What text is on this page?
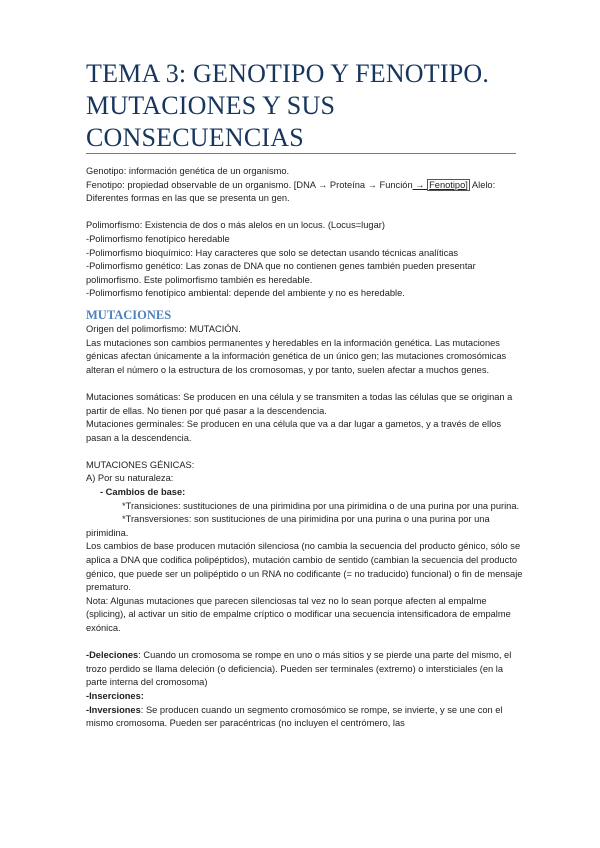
TEMA 3: GENOTIPO Y FENOTIPO.
MUTACIONES Y SUS
CONSECUENCIAS

Genotipo: información genética de un organismo.

Fenotipo: propiedad observable de un organismo. [DNA → Proteína → Función → Fenotipo] Alelo: Diferentes formas en las que se presenta un gen.

Polimorfismo: Existencia de dos o más alelos en un locus. (Locus=lugar)

-Polimorfismo fenotípico heredable

-Polimorfismo bioquímico: Hay caracteres que solo se detectan usando técnicas analíticas

-Polimorfismo genético: Las zonas de DNA que no contienen genes también pueden presentar polimorfismo. Este polimorfismo también es heredable.

-Polimorfismo fenotípico ambiental: depende del ambiente y no es heredable.

MUTACIONES

Origen del polimorfismo: MUTACIÓN.

Las mutaciones son cambios permanentes y heredables en la información genética. Las mutaciones génicas afectan únicamente a la información genética de un único gen; las mutaciones cromosómicas alteran el número o la estructura de los cromosomas, y por tanto, suelen afectar a muchos genes.

Mutaciones somáticas: Se producen en una célula y se transmiten a todas las células que se originan a partir de ellas. No tienen por qué pasar a la descendencia.

Mutaciones germinales: Se producen en una célula que va a dar lugar a gametos, y a través de ellos pasan a la descendencia.

MUTACIONES GÉNICAS:

A) Por su naturaleza:

- Cambios de base:

*Transiciones: sustituciones de una pirimidina por una pirimidina o de una purina por una purina.

*Transversiones: son sustituciones de una pirimidina por una purina o una purina por una pirimidina.

Los cambios de base producen mutación silenciosa (no cambia la secuencia del producto génico, sólo se aplica a DNA que codifica polipéptidos), mutación cambio de sentido (cambian la secuencia del producto génico, que puede ser un polipéptido o un RNA no codificante (= no traducido) funcional) o fin de mensaje prematuro.

Nota: Algunas mutaciones que parecen silenciosas tal vez no lo sean porque afecten al empalme (splicing), al activar un sitio de empalme críptico o modificar una secuencia intensificadora de empalme exónica.

-Deleciones: Cuando un cromosoma se rompe en uno o más sitios y se pierde una parte del mismo, el trozo perdido se llama deleción (o deficiencia). Pueden ser terminales (extremo) o intersticiales (en la parte interna del cromosoma)

-Inserciones:

-Inversiones: Se producen cuando un segmento cromosómico se rompe, se invierte, y se une con el mismo cromosoma. Pueden ser paracéntricas (no incluyen el centrómero, las
